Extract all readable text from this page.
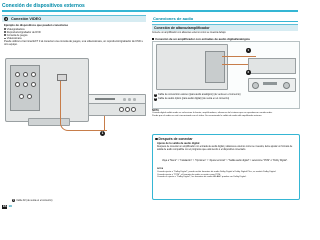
Conexión de dispositivos externos
4	Conexión VIDEO
Ejemplo de dispositivos que pueden conectarse
Videograbadora
Reproductor/grabador de DVD
Consola de juegos
Videocámara
Puede utilizar el terminal EXT 3 al conectar una consola de juegos, una videocámara, un reproductor/grabador de DVD u otro equipo.
1
1 Cable AV (de venta en el comercio)
Conexiones de audio
Conexión de altavoz/amplificador
Conecte un amplificador con altavoces externo como se muestra debajo.
Conexión de un amplificador con entradas de audio digital/analógica
1
2
1 Cable de conversión estéreo (para audio analógico) (de venta en el comercio)
2 Cable de audio óptico (para audio digital) (de venta en el comercio)
NOTA
Cuando digital-salida audio se selecciona la fuente, amplificadores, altavoces del sistema que no reproduzcan sonido audio.
Puede que el audio no esté sincronizado con el vídeo. Se recomienda la salida de audio del amplificador externo.
Después de conectar
Ajuste de la salida de audio digital
Después de conectar un amplificador con entrada de audio digital y altavoces externos como se muestra, debe ajustar un formato de salida de audio compatible con el programa que está viendo o el dispositivo conectado.
Vaya a "Menú" > "Instalación" > "Opciones" > "Ajuste terminal" > "Salida audio digital" > seleccione "PCM" o "Dolby Digital".
NOTA
Cuando ajusta a "Dolby Digital", puede recibir formatos de audio Dolby Digital o Dolby Digital Plus, se emitirá Dolby Digital.
Cuando ajusta a "PCM", el formato de audio se emite como PCM.
Cuando se ajusta a "Dolby Digital", los formatos de audio HE-AAC pueden ser Dolby Digital.
ES 18
